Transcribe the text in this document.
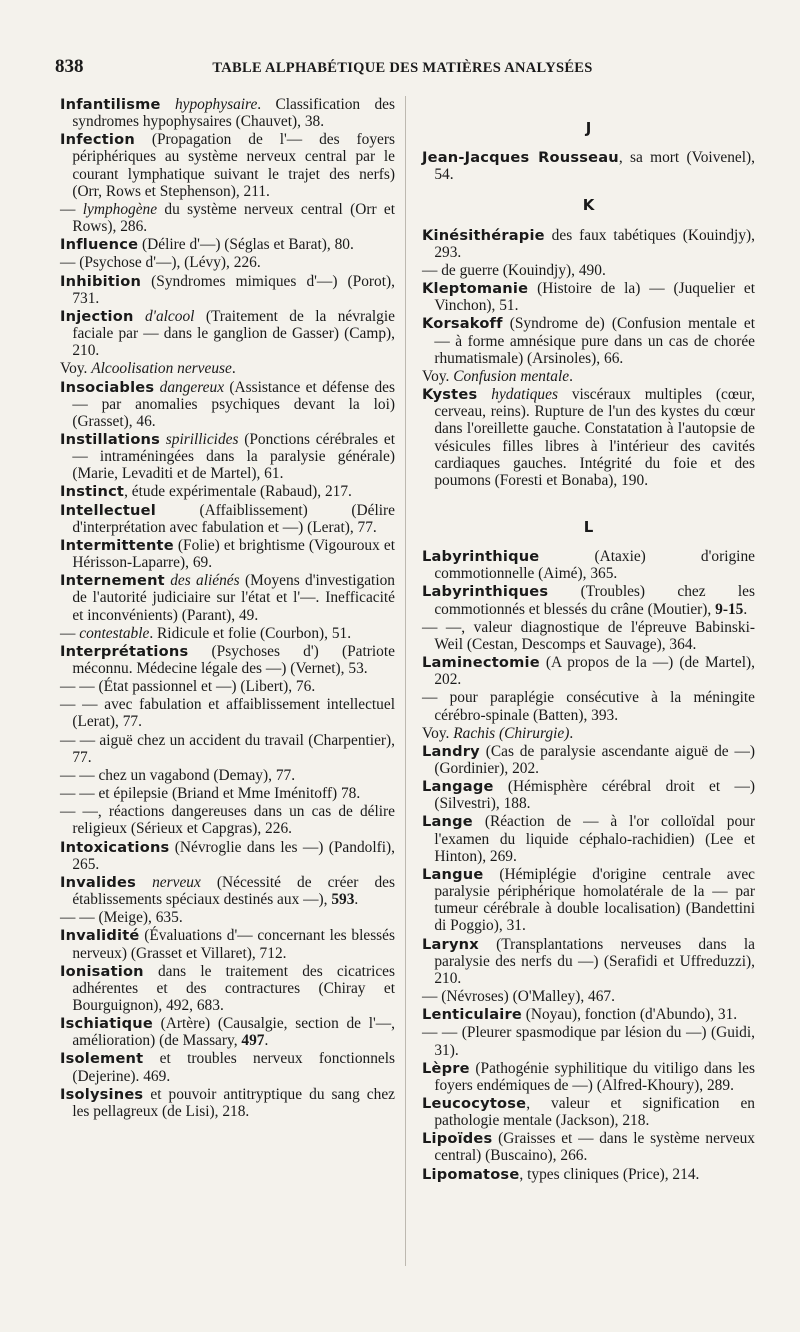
838	TABLE ALPHABÉTIQUE DES MATIÈRES ANALYSÉES

Infantilisme hypophysaire. Classification des syndromes hypophysaires (Chauvet), 38.

Infection (Propagation de l'— des foyers périphériques au système nerveux central par le courant lymphatique suivant le trajet des nerfs) (Orr, Rows et Stephenson), 211.

— lymphogène du système nerveux central (Orr et Rows), 286.

Influence (Délire d'—) (Séglas et Barat), 80.

— (Psychose d'—), (Lévy), 226.

Inhibition (Syndromes mimiques d'—) (Porot), 731.

Injection d'alcool (Traitement de la névralgie faciale par — dans le ganglion de Gasser) (Camp), 210.

Voy. Alcoolisation nerveuse.

Insociables dangereux (Assistance et défense des — par anomalies psychiques devant la loi) (Grasset), 46.

Instillations spirillicides (Ponctions cérébrales et — intraméningées dans la paralysie générale) (Marie, Levaditi et de Martel), 61.

Instinct, étude expérimentale (Rabaud), 217.

Intellectuel (Affaiblissement) (Délire d'interprétation avec fabulation et —) (Lerat), 77.

Intermittente (Folie) et brightisme (Vigouroux et Hérisson-Laparre), 69.

Internement des aliénés (Moyens d'investigation de l'autorité judiciaire sur l'état et l'—. Inefficacité et inconvénients) (Parant), 49.

— contestable. Ridicule et folie (Courbon), 51.

Interprétations (Psychoses d') (Patriote méconnu. Médecine légale des —) (Vernet), 53.

— — (État passionnel et —) (Libert), 76.

— — avec fabulation et affaiblissement intellectuel (Lerat), 77.

— — aiguë chez un accident du travail (Charpentier), 77.

— — chez un vagabond (Demay), 77.

— — et épilepsie (Briand et Mme Iménitoff) 78.

— —, réactions dangereuses dans un cas de délire religieux (Sérieux et Capgras), 226.

Intoxications (Névroglie dans les —) (Pandolfi), 265.

Invalides nerveux (Nécessité de créer des établissements spéciaux destinés aux —), 593.

— — (Meige), 635.

Invalidité (Évaluations d'— concernant les blessés nerveux) (Grasset et Villaret), 712.

Ionisation dans le traitement des cicatrices adhérentes et des contractures (Chiray et Bourguignon), 492, 683.

Ischiatique (Artère) (Causalgie, section de l'—, amélioration) (de Massary, 497.

Isolement et troubles nerveux fonctionnels (Dejerine). 469.

Isolysines et pouvoir antitryptique du sang chez les pellagreux (de Lisi), 218.

J

Jean-Jacques Rousseau, sa mort (Voivenel), 54.

K

Kinésithérapie des faux tabétiques (Kouindjy), 293.

— de guerre (Kouindjy), 490.

Kleptomanie (Histoire de la) — (Juquelier et Vinchon), 51.

Korsakoff (Syndrome de) (Confusion mentale et — à forme amnésique pure dans un cas de chorée rhumatismale) (Arsinoles), 66.

Voy. Confusion mentale.

Kystes hydatiques viscéraux multiples (cœur, cerveau, reins). Rupture de l'un des kystes du cœur dans l'oreillette gauche. Constatation à l'autopsie de vésicules filles libres à l'intérieur des cavités cardiaques gauches. Intégrité du foie et des poumons (Foresti et Bonaba), 190.

L

Labyrinthique (Ataxie) d'origine commotionnelle (Aimé), 365.

Labyrinthiques (Troubles) chez les commotionnés et blessés du crâne (Moutier), 9-15.

— —, valeur diagnostique de l'épreuve Babinski-Weil (Cestan, Descomps et Sauvage), 364.

Laminectomie (A propos de la —) (de Martel), 202.

— pour paraplégie consécutive à la méningite cérébro-spinale (Batten), 393.

Voy. Rachis (Chirurgie).

Landry (Cas de paralysie ascendante aiguë de —) (Gordinier), 202.

Langage (Hémisphère cérébral droit et —) (Silvestri), 188.

Lange (Réaction de — à l'or colloïdal pour l'examen du liquide céphalo-rachidien) (Lee et Hinton), 269.

Langue (Hémiplégie d'origine centrale avec paralysie périphérique homolatérale de la — par tumeur cérébrale à double localisation) (Bandettini di Poggio), 31.

Larynx (Transplantations nerveuses dans la paralysie des nerfs du —) (Serafidi et Uffreduzzi), 210.

— (Névroses) (O'Malley), 467.

Lenticulaire (Noyau), fonction (d'Abundo), 31.

— — (Pleurer spasmodique par lésion du —) (Guidi, 31).

Lèpre (Pathogénie syphilitique du vitiligo dans les foyers endémiques de —) (Alfred-Khoury), 289.

Leucocytose, valeur et signification en pathologie mentale (Jackson), 218.

Lipoïdes (Graisses et — dans le système nerveux central) (Buscaino), 266.

Lipomatose, types cliniques (Price), 214.
